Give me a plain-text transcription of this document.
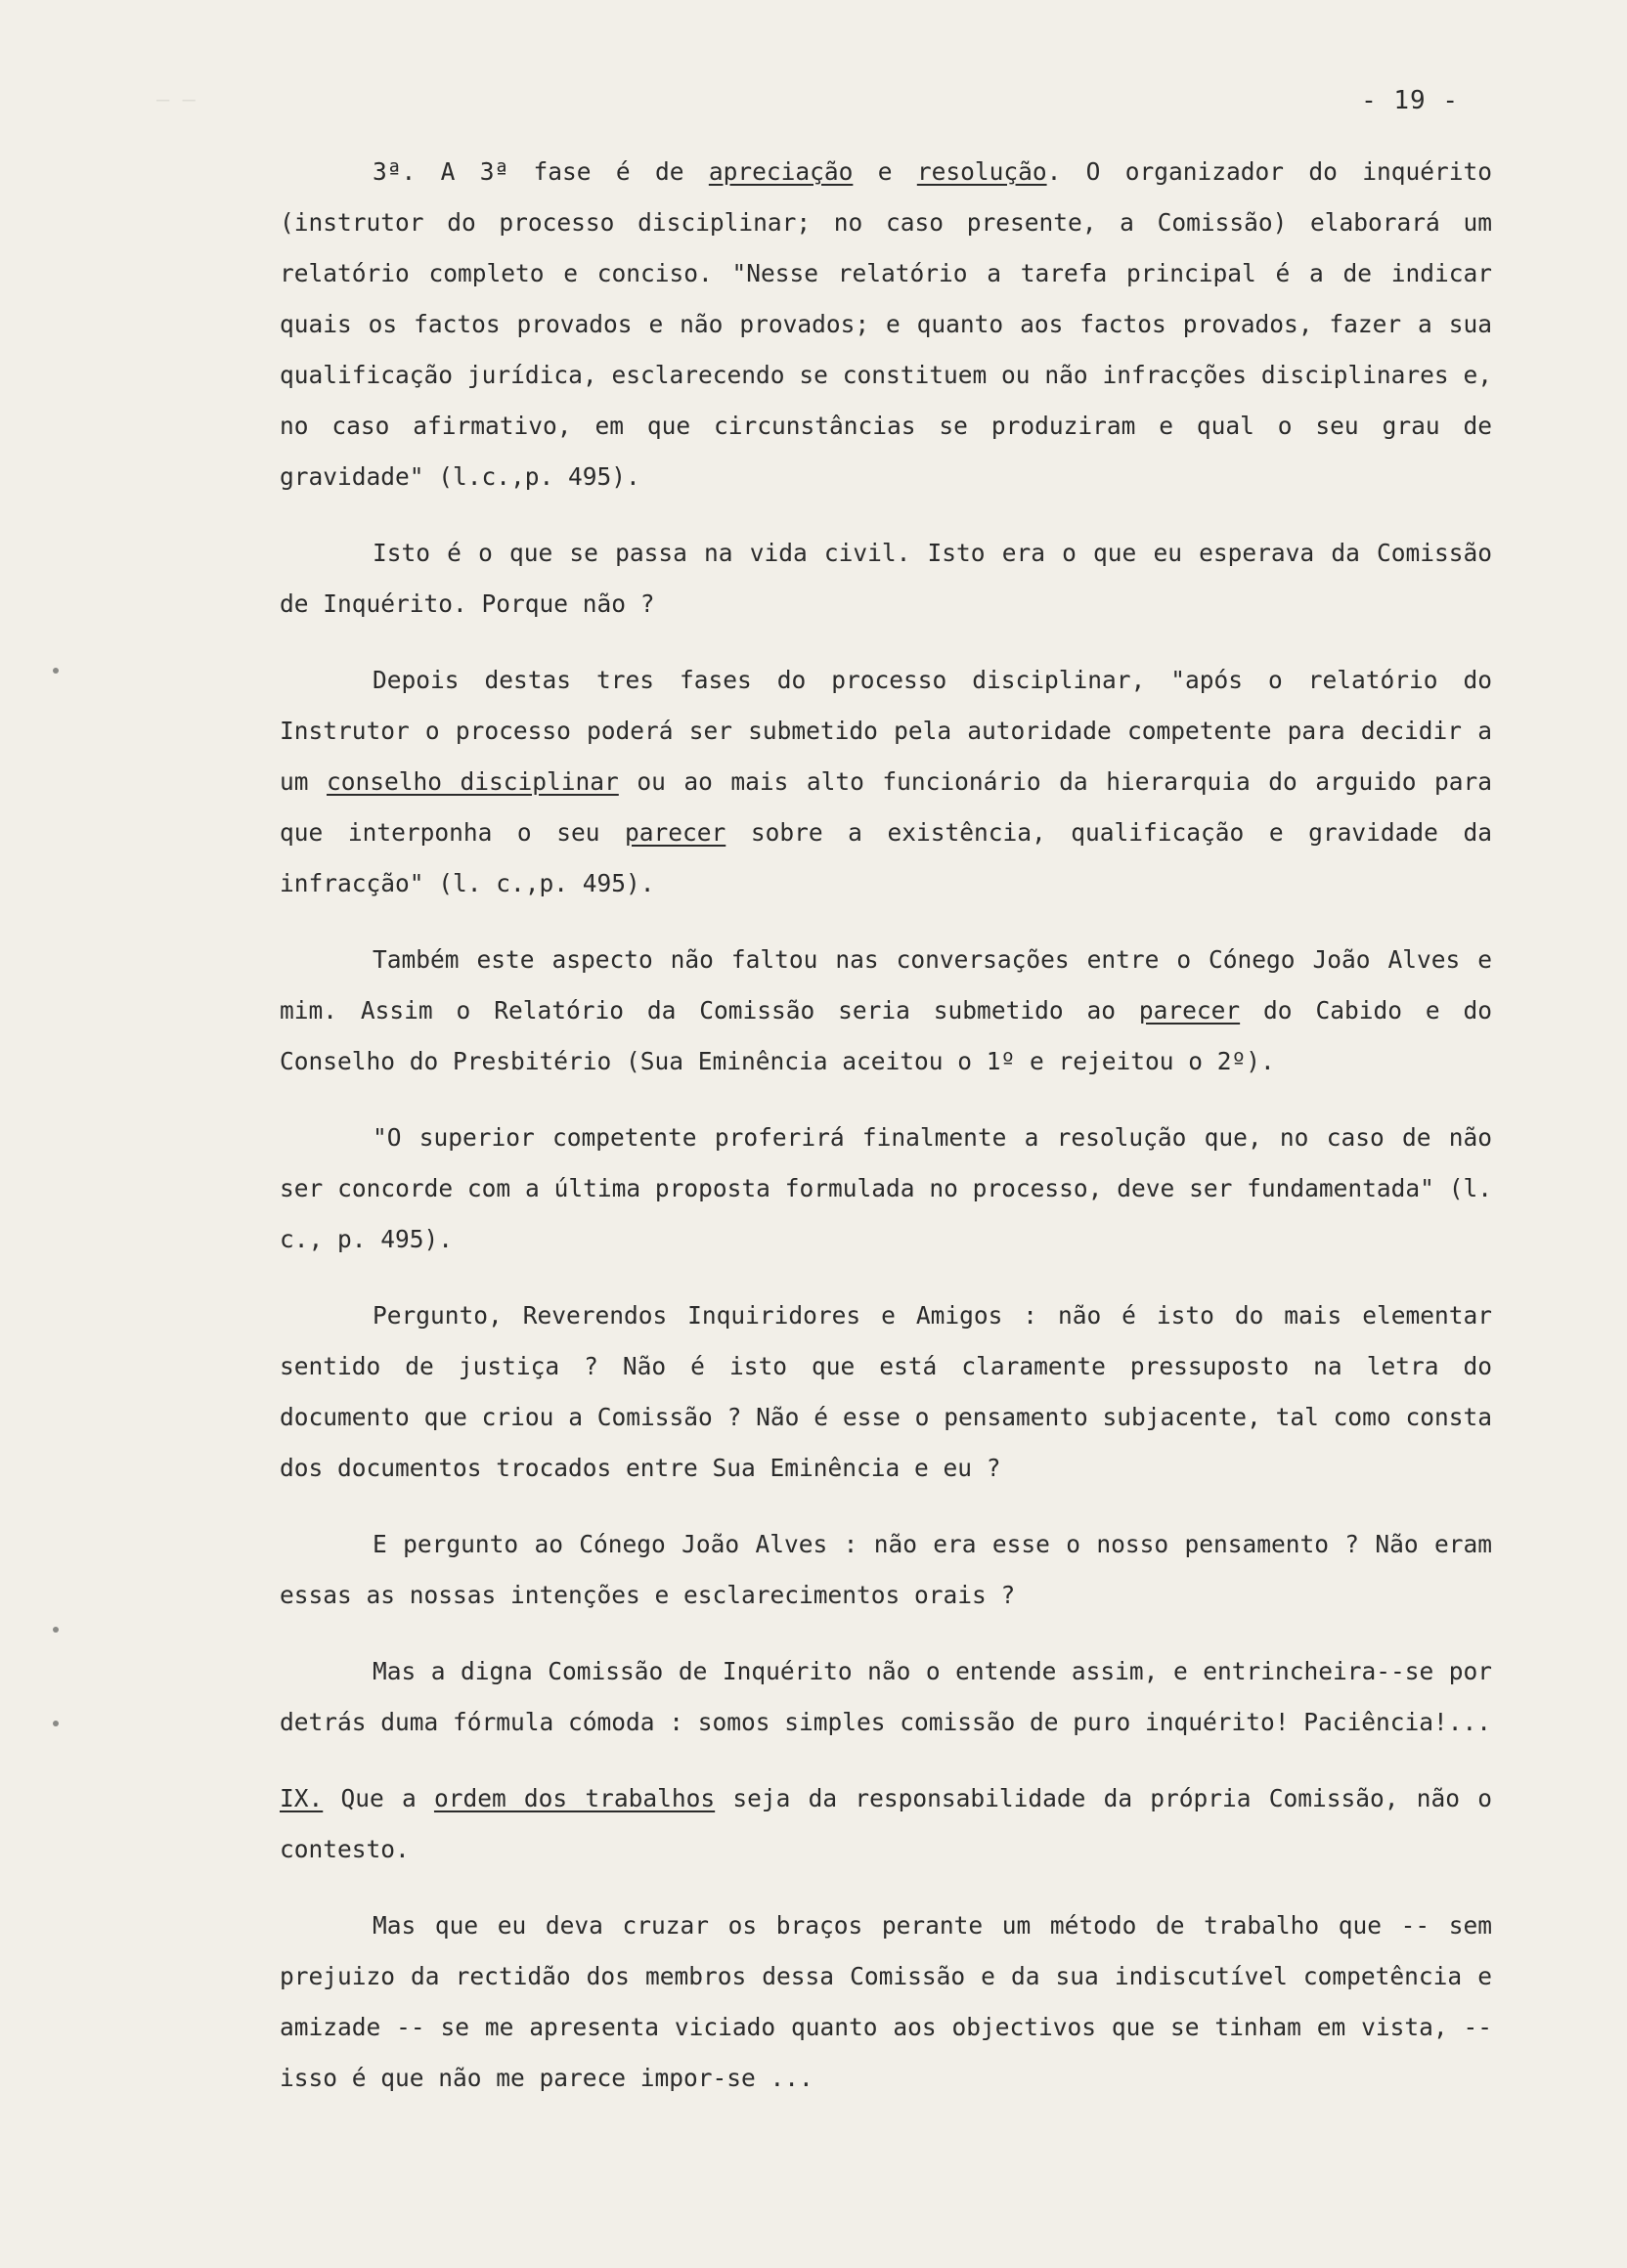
— —	- 19 -

3ª. A 3ª fase é de apreciação e resolução. O organizador do inquérito (instrutor do processo disciplinar; no caso presente, a Comissão) elaborará um relatório completo e conciso. "Nesse relatório a tarefa principal é a de indicar quais os factos provados e não provados; e quanto aos factos provados, fazer a sua qualificação jurídica, esclarecendo se constituem ou não infracções disciplinares e, no caso afirmativo, em que circunstâncias se produziram e qual o seu grau de gravidade" (l.c.,p. 495).

Isto é o que se passa na vida civil. Isto era o que eu esperava da Comissão de Inquérito. Porque não ?

Depois destas tres fases do processo disciplinar, "após o relatório do Instrutor o processo poderá ser submetido pela autoridade competente para decidir a um conselho disciplinar ou ao mais alto funcionário da hierarquia do arguido para que interponha o seu parecer sobre a existência, qualificação e gravidade da infracção" (l. c.,p. 495).

Também este aspecto não faltou nas conversações entre o Cónego João Alves e mim. Assim o Relatório da Comissão seria submetido ao parecer do Cabido e do Conselho do Presbitério (Sua Eminência aceitou o 1º e rejeitou o 2º).

"O superior competente proferirá finalmente a resolução que, no caso de não ser concorde com a última proposta formulada no processo, deve ser fundamentada" (l. c., p. 495).

Pergunto, Reverendos Inquiridores e Amigos : não é isto do mais elementar sentido de justiça ? Não é isto que está claramente pressuposto na letra do documento que criou a Comissão ? Não é esse o pensamento subjacente, tal como consta dos documentos trocados entre Sua Eminência e eu ?

E pergunto ao Cónego João Alves : não era esse o nosso pensamento ? Não eram essas as nossas intenções e esclarecimentos orais ?

Mas a digna Comissão de Inquérito não o entende assim, e entrincheira--se por detrás duma fórmula cómoda : somos simples comissão de puro inquérito! Paciência!...

IX. Que a ordem dos trabalhos seja da responsabilidade da própria Comissão, não o contesto.

Mas que eu deva cruzar os braços perante um método de trabalho que -- sem prejuizo da rectidão dos membros dessa Comissão e da sua indiscutível competência e amizade -- se me apresenta viciado quanto aos objectivos que se tinham em vista, -- isso é que não me parece impor-se ...
